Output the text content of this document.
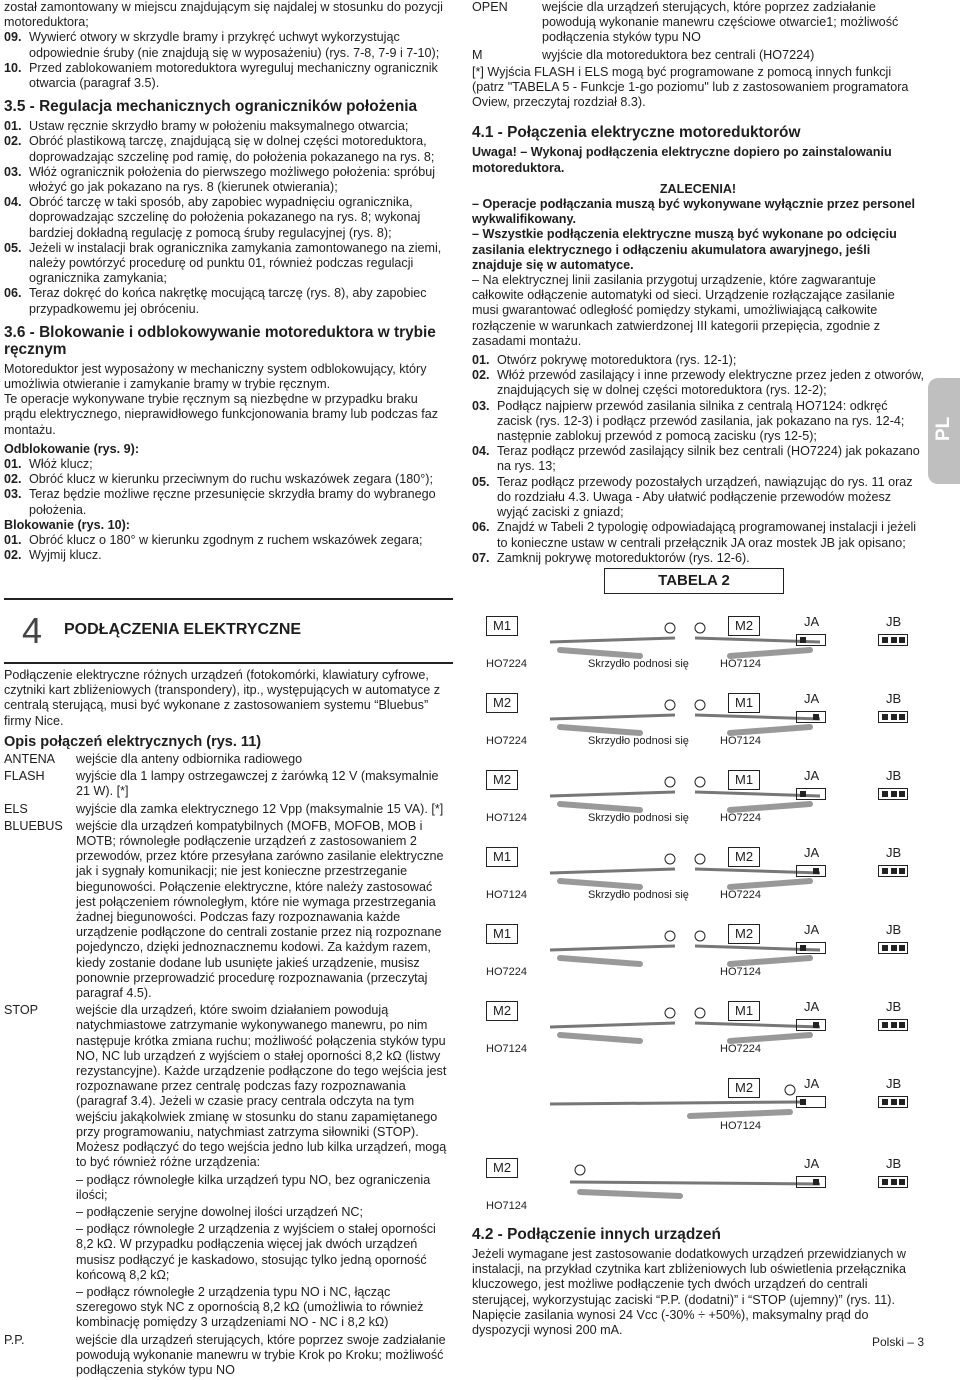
został zamontowany w miejscu znajdującym się najdalej w stosunku do pozycji motoreduktora;

09. Wywierć otwory w skrzydle bramy i przykręć uchwyt wykorzystując odpowiednie śruby (nie znajdują się w wyposażeniu) (rys. 7-8, 7-9 i 7-10);
10. Przed zablokowaniem motoreduktora wyreguluj mechaniczny ogranicznik otwarcia (paragraf 3.5).
3.5 - Regulacja mechanicznych ograniczników położenia
01. Ustaw ręcznie skrzydło bramy w położeniu maksymalnego otwarcia;
02. Obróć plastikową tarczę, znajdującą się w dolnej części motoreduktora, doprowadzając szczelinę pod ramię, do położenia pokazanego na rys. 8;
03. Włóż ogranicznik położenia do pierwszego możliwego położenia: spróbuj włożyć go jak pokazano na rys. 8 (kierunek otwierania);
04. Obróć tarczę w taki sposób, aby zapobiec wypadnięciu ogranicznika, doprowadzając szczelinę do położenia pokazanego na rys. 8; wykonaj bardziej dokładną regulację z pomocą śruby regulacyjnej (rys. 8);
05. Jeżeli w instalacji brak ogranicznika zamykania zamontowanego na ziemi, należy powtórzyć procedurę od punktu 01, również podczas regulacji ogranicznika zamykania;
06. Teraz dokręć do końca nakrętkę mocującą tarczę (rys. 8), aby zapobiec przypadkowemu jej obróceniu.
3.6 - Blokowanie i odblokowywanie motoreduktora w trybie ręcznym

Motoreduktor jest wyposażony w mechaniczny system odblokowujący, który umożliwia otwieranie i zamykanie bramy w trybie ręcznym.

Te operacje wykonywane trybie ręcznym są niezbędne w przypadku braku prądu elektrycznego, nieprawidłowego funkcjonowania bramy lub podczas faz montażu.

Odblokowanie (rys. 9):

01. Włóż klucz;
02. Obróć klucz w kierunku przeciwnym do ruchu wskazówek zegara (180°);
03. Teraz będzie możliwe ręczne przesunięcie skrzydła bramy do wybranego położenia.

Blokowanie (rys. 10):

01. Obróć klucz o 180° w kierunku zgodnym z ruchem wskazówek zegara;
02. Wyjmij klucz.
4 PODŁĄCZENIA ELEKTRYCZNE

Podłączenie elektryczne różnych urządzeń (fotokomórki, klawiatury cyfrowe, czytniki kart zbliżeniowych (transpondery), itp., występujących w automatyce z centralą sterującą, musi być wykonane z zastosowaniem systemu “Bluebus” firmy Nice.

Opis połączeń elektrycznych (rys. 11)
ANTENA	wejście dla anteny odbiornika radiowego
FLASH	wyjście dla 1 lampy ostrzegawczej z żarówką 12 V (maksymalnie 21 W). [*]
ELS	wyjście dla zamka elektrycznego 12 Vpp (maksymalnie 15 VA). [*]
BLUEBUS	wejście dla urządzeń kompatybilnych (MOFB, MOFOB, MOB i MOTB; równoległe podłączenie urządzeń z zastosowaniem 2 przewodów, przez które przesyłana zarówno zasilanie elektryczne jak i sygnały komunikacji; nie jest konieczne przestrzeganie biegunowości. Połączenie elektryczne, które należy zastosować jest połączeniem równoległym, które nie wymaga przestrzegania żadnej biegunowości. Podczas fazy rozpoznawania każde urządzenie podłączone do centrali zostanie przez nią rozpoznane pojedynczo, dzięki jednoznacznemu kodowi. Za każdym razem, kiedy zostanie dodane lub usunięte jakieś urządzenie, musisz ponownie przeprowadzić procedurę rozpoznawania (przeczytaj paragraf 4.5).
STOP	wejście dla urządzeń, które swoim działaniem powodują natychmiastowe zatrzymanie wykonywanego manewru, po nim następuje krótka zmiana ruchu; możliwość połączenia styków typu NO, NC lub urządzeń z wyjściem o stałej oporności 8,2 kΩ (listwy rezystancyjne). Każde urządzenie podłączone do tego wejścia jest rozpoznawane przez centralę podczas fazy rozpoznawania (paragraf 3.4). Jeżeli w czasie pracy centrala odczyta na tym wejściu jakąkolwiek zmianę w stosunku do stanu zapamiętanego przy programowaniu, natychmiast zatrzyma siłowniki (STOP). Możesz podłączyć do tego wejścia jedno lub kilka urządzeń, mogą to być również różne urządzenia:
– podłącz równoległe kilka urządzeń typu NO, bez ograniczenia ilości;
– podłączenie seryjne dowolnej ilości urządzeń NC;
– podłącz równoległe 2 urządzenia z wyjściem o stałej oporności 8,2 kΩ. W przypadku podłączenia więcej jak dwóch urządzeń musisz podłączyć je kaskadowo, stosując tylko jedną oporność końcową 8,2 kΩ;
– podłącz równoległe 2 urządzenia typu NO i NC, łącząc szeregowo styk NC z opornością 8,2 kΩ (umożliwia to również kombinację pomiędzy 3 urządzeniami NO - NC i 8,2 kΩ)
P.P.	wejście dla urządzeń sterujących, które poprzez swoje zadziałanie powodują wykonanie manewru w trybie Krok po Kroku; możliwość podłączenia styków typu NO
OPEN	wejście dla urządzeń sterujących, które poprzez zadziałanie powodują wykonanie manewru częściowe otwarcie1; możliwość podłączenia styków typu NO
M	wyjście dla motoreduktora bez centrali (HO7224)

[*] Wyjścia FLASH i ELS mogą być programowane z pomocą innych funkcji (patrz "TABELA 5 - Funkcje 1-go poziomu" lub z zastosowaniem programatora Oview, przeczytaj rozdział 8.3).

4.1 - Połączenia elektryczne motoreduktorów

Uwaga! – Wykonaj podłączenia elektryczne dopiero po zainstalowaniu motoreduktora.

ZALECENIA!

– Operacje podłączania muszą być wykonywane wyłącznie przez personel wykwalifikowany.

– Wszystkie podłączenia elektryczne muszą być wykonane po odcięciu zasilania elektrycznego i odłączeniu akumulatora awaryjnego, jeśli znajduje się w automatyce.

– Na elektrycznej linii zasilania przygotuj urządzenie, które zagwarantuje całkowite odłączenie automatyki od sieci. Urządzenie rozłączające zasilanie musi gwarantować odległość pomiędzy stykami, umożliwiającą całkowite rozłączenie w warunkach zatwierdzonej III kategorii przepięcia, zgodnie z zasadami montażu.

01. Otwórz pokrywę motoreduktora (rys. 12-1);
02. Włóż przewód zasilający i inne przewody elektryczne przez jeden z otworów, znajdujących się w dolnej części motoreduktora (rys. 12-2);
03. Podłącz najpierw przewód zasilania silnika z centralą HO7124: odkręć zacisk (rys. 12-3) i podłącz przewód zasilania, jak pokazano na rys. 12-4; następnie zablokuj przewód z pomocą zacisku (rys 12-5);
04. Teraz podłącz przewód zasilający silnik bez centrali (HO7224) jak pokazano na rys. 13;
05. Teraz podłącz przewody pozostałych urządzeń, nawiązując do rys. 11 oraz do rozdziału 4.3. Uwaga - Aby ułatwić podłączenie przewodów możesz wyjąć zaciski z gniazd;
06. Znajdź w Tabeli 2 typologię odpowiadającą programowanej instalacji i jeżeli to konieczne ustaw w centrali przełącznik JA oraz mostek JB jak opisano;
07. Zamknij pokrywę motoreduktorów (rys. 12-6).
TABELA 2
M1	M2
HO7224	HO7124
Skrzydło podnosi się
JA	JB
M2	M1
HO7224	HO7124
Skrzydło podnosi się
JA	JB
M2	M1
HO7124	HO7224
Skrzydło podnosi się
JA	JB
M1	M2
HO7124	HO7224
Skrzydło podnosi się
JA	JB
M1	M2
HO7224	HO7124
JA	JB
M2	M1
HO7124	HO7224
JA	JB
M2
HO7124
JA	JB
M2
HO7124
JA	JB
4.2 - Podłączenie innych urządzeń

Jeżeli wymagane jest zastosowanie dodatkowych urządzeń przewidzianych w instalacji, na przykład czytnika kart zbliżeniowych lub oświetlenia przełącznika kluczowego, jest możliwe podłączenie tych dwóch urządzeń do centrali sterującej, wykorzystując zaciski “P.P. (dodatni)” i “STOP (ujemny)” (rys. 11). Napięcie zasilania wynosi 24 Vcc (-30% ÷ +50%), maksymalny prąd do dyspozycji wynosi 200 mA.

PL
Polski – 3
